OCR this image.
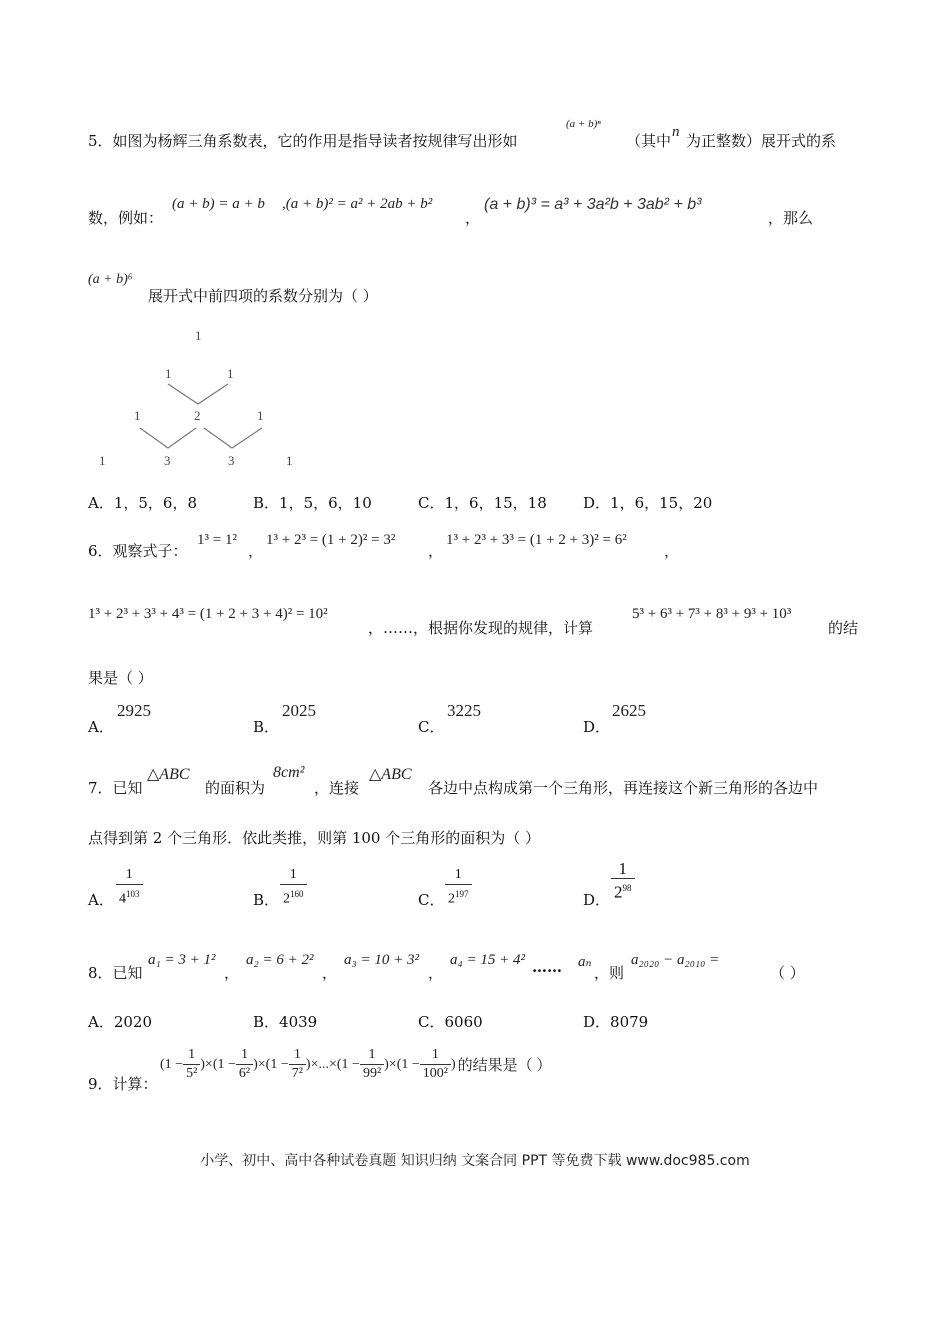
5．如图为杨辉三角系数表，它的作用是指导读者按规律写出形如
(a + b)ⁿ
（其中 n 为正整数）展开式的系
数，例如：
(a + b) = a + b ,(a + b)² = a² + 2ab + b²
，
(a + b)³ = a³ + 3a²b + 3ab² + b³
，那么
(a + b)⁶
展开式中前四项的系数分别为（ ）
1
1	1
1	2	1
1	3	3	1
A．1，5，6，8	B．1，5，6，10	C．1，6，15，18 D．1，6，15，20
6．观察式子：
1³ = 1²
，
1³ + 2³ = (1 + 2)² = 3²
，
1³ + 2³ + 3³ = (1 + 2 + 3)² = 6²
，
1³ + 2³ + 3³ + 4³ = (1 + 2 + 3 + 4)² = 10²
，……，根据你发现的规律，计算
5³ + 6³ + 7³ + 8³ + 9³ + 10³
的结
果是（ ）
A．
2925
B．
2025
C．
3225
D．
2625
7．已知
△ABC
的面积为
8cm²
，连接
△ABC
各边中点构成第一个三角形，再连接这个新三角形的各边中
点得到第 2 个三角形．依此类推，则第 100 个三角形的面积为（ ）
A． $\frac{1}{4^{103}}$	B． $\frac{1}{2^{160}}$	C． $\frac{1}{2^{197}}$	D． $\frac{1}{2^{98}}$
8．已知
a₁ = 3 + 1²
，
a₂ = 6 + 2²
，
a₃ = 10 + 3²
，
a₄ = 15 + 4² …… aₙ
，则
a₂₀₂₀ − a₂₀₁₀ =
（ ）
A．2020	B．4039	C．6060	D．8079
9．计算：
($1 - \frac{1}{\text{5²}}$ )× ($1 - \frac{1}{\text{6²}}$ )× ($1 - \frac{1}{\text{7²}}$ )×...× ($1 - \frac{1}{\text{99²}}$ )× ($1 - \frac{1}{\text{100²}}$ ) 的结果是（ ）
小学、初中、高中各种试卷真题 知识归纳 文案合同 PPT 等免费下载 www.doc985.com
